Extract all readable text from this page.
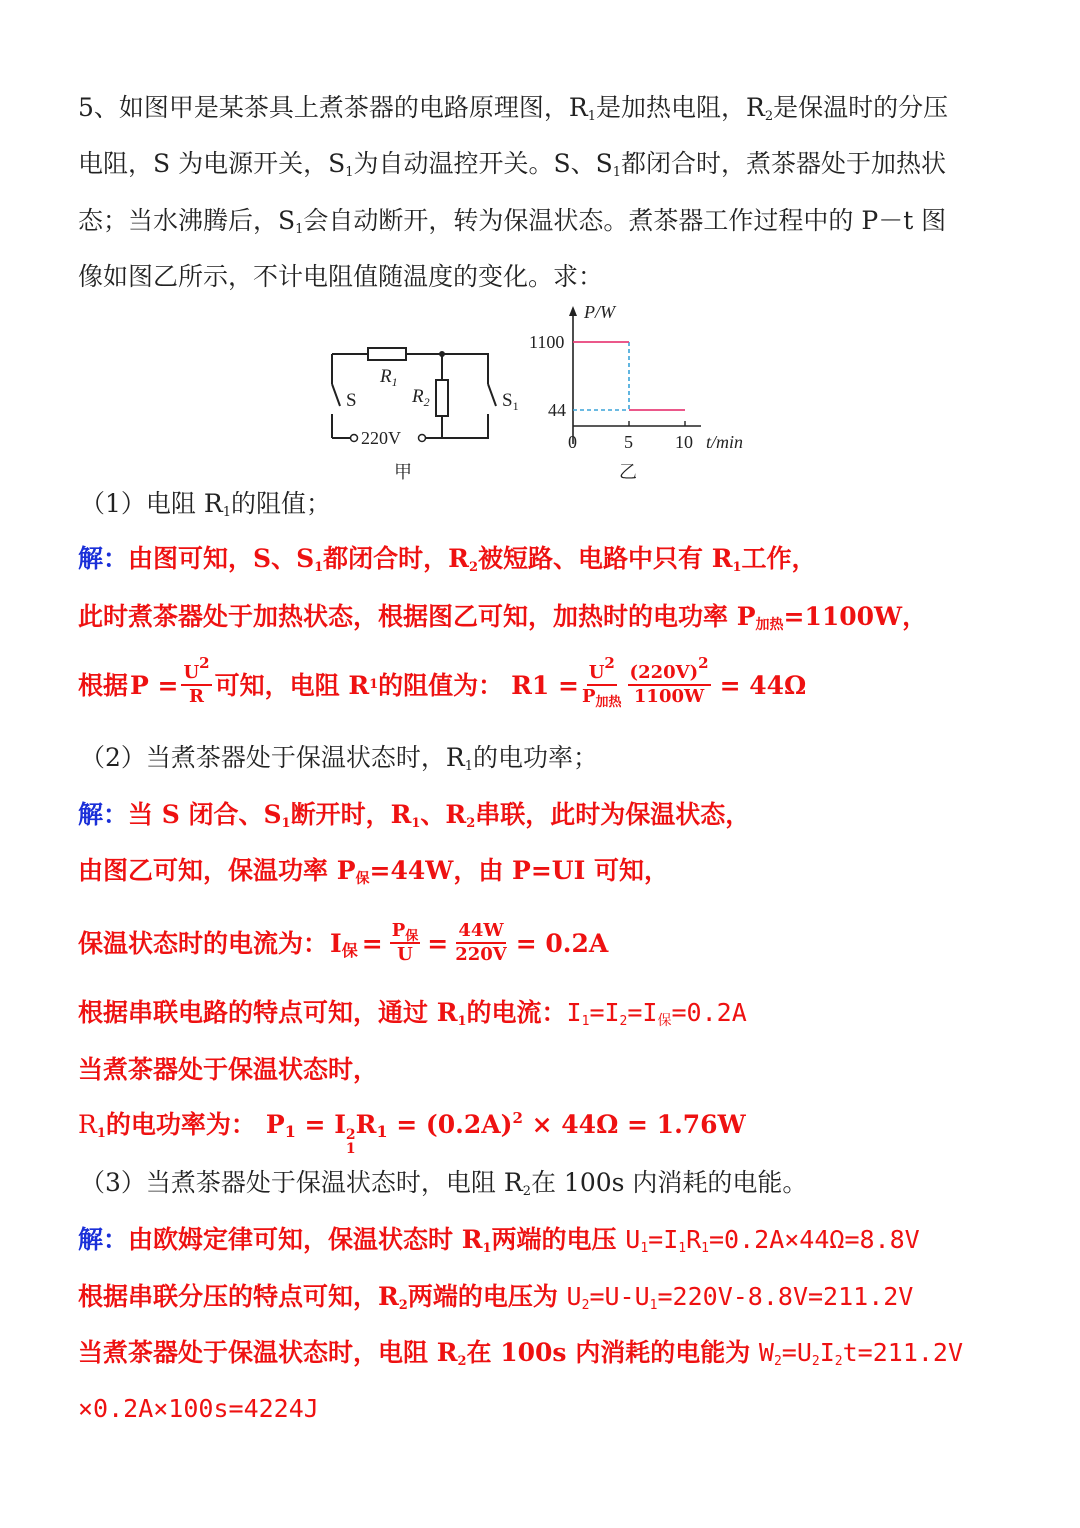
5、如图甲是某茶具上煮茶器的电路原理图，$R_1$是加热电阻，$R_2$是保温时的分压
电阻，S 为电源开关，$S_1$为自动温控开关。S、$S_1$都闭合时，煮茶器处于加热状
态；当水沸腾后，$S_1$会自动断开，转为保温状态。煮茶器工作过程中的 P－t 图
像如图乙所示，不计电阻值随温度的变化。求：
$R_1$
$R_2$
S	$S_1$
220V
甲
P/W
t/min
乙
0	5 10
1100
44
（1）电阻 $R_1$的阻值；
解：由图可知，S、$S_1$都闭合时，$R_2$被短路、电路中只有 $R_1$工作，
此时煮茶器处于加热状态，根据图乙可知，加热时的电功率 $P_{加热}=1100W$，
根据 $P = \frac{U^2}{R}$ 可知，电阻 R 1 的阻值为： $R1 = \frac{U^2}{P_{加热}} \frac{(220V)^2}{1100W} = 44\Omega$
（2）当煮茶器处于保温状态时，$R_1$的电功率；
解：当 S 闭合、$S_1$断开时，$R_1$、$R_2$串联，此时为保温状态，
由图乙可知，保温功率 $P_保=44W$，由 P=UI 可知，
保温状态时的电流为： $I_保 = \frac{P_保}{U} = \frac{44W}{220V} = 0.2A$
根据串联电路的特点可知，通过 $R_1$的电流：$I_1=I_2=I_保=0.2A$
当煮茶器处于保温状态时，
$R_1$的电功率为： $P_1 = I$ 2
1
$R_1 = (0.2A)^2 \times 44\Omega = 1.76W$
（3）当煮茶器处于保温状态时，电阻 $R_2$在 100s 内消耗的电能。
解：由欧姆定律可知，保温状态时 $R_1$两端的电压 $U_1=I_1R_1=0.2A\times 44\Omega=8.8V$
根据串联分压的特点可知，$R_2$两端的电压为 $U_2=U-U_1=220V-8.8V=211.2V$
当煮茶器处于保温状态时，电阻 $R_2$在 100s 内消耗的电能为 $W_2=U_2I_2t=211.2V$
×0.2A×100s=4224J
